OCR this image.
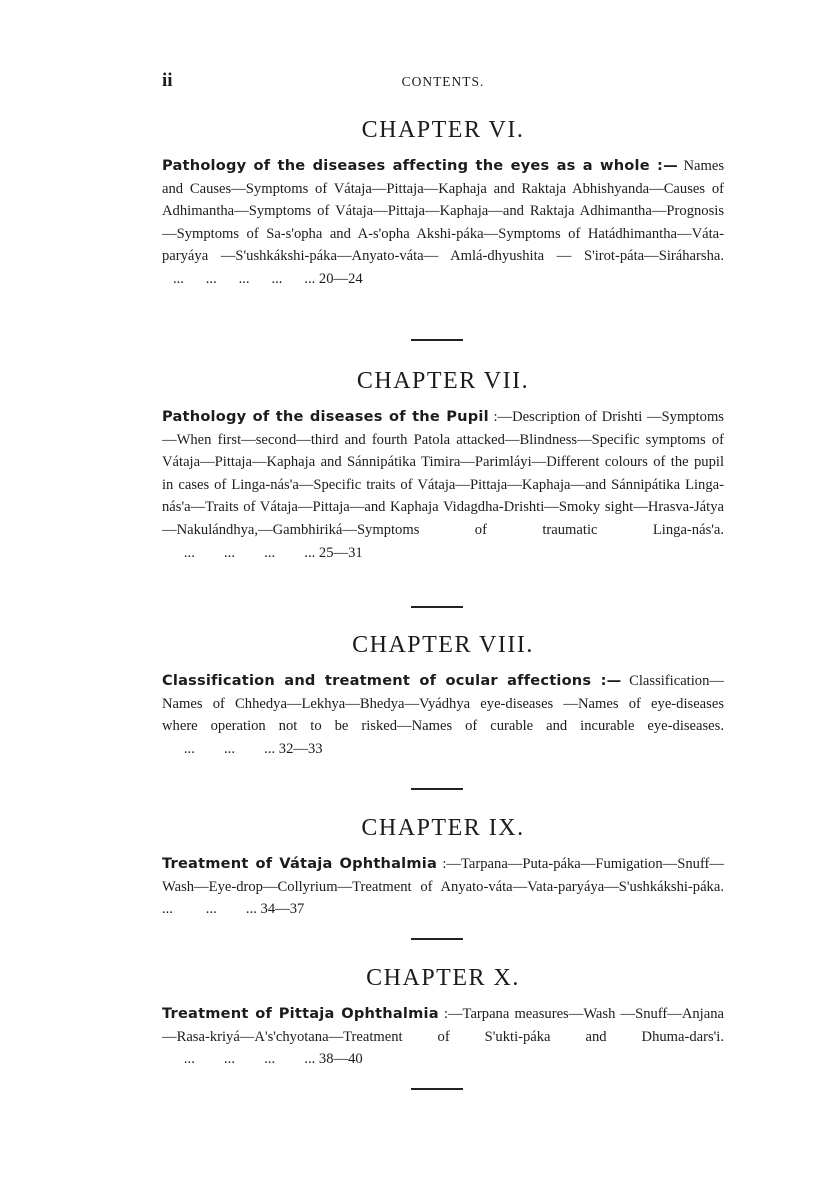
ii	CONTENTS.
CHAPTER VI.
Pathology of the diseases affecting the eyes as a whole :— Names and Causes—Symptoms of Vátaja—Pittaja—Kaphaja and Raktaja Abhishyanda—Causes of Adhimantha—Symptoms of Vátaja—Pittaja—Kaphaja—and Raktaja Adhimantha—Prognosis—Symptoms of Sa-s'opha and A-s'opha Akshi-páka—Symptoms of Hatádhimantha—Váta-paryáya —S'ushkákshi-páka—Anyato-váta— Amlá-dhyushita — S'irot-páta—Siráharsha.    ...      ...      ...      ...      ... 20—24
CHAPTER VII.
Pathology of the diseases of the Pupil :—Description of Drishti —Symptoms—When first—second—third and fourth Patola attacked—Blindness—Specific symptoms of Vátaja—Pittaja—Kaphaja and Sánnipátika Timira—Parimláyi—Different colours of the pupil in cases of Linga-nás'a—Specific traits of Vátaja—Pittaja—Kaphaja—and Sánnipátika Linga-nás'a—Traits of Vátaja—Pittaja—and Kaphaja Vidagdha-Drishti—Smoky sight—Hrasva-Játya—Nakulándhya,—Gambhiriká—Symptoms of traumatic Linga-nás'a.       ...        ...        ...        ... 25—31
CHAPTER VIII.
Classification and treatment of ocular affections :— Classification—Names of Chhedya—Lekhya—Bhedya—Vyádhya eye-diseases —Names of eye-diseases where operation not to be risked—Names of curable and incurable eye-diseases.       ...        ...        ... 32—33
CHAPTER IX.
Treatment of Vátaja Ophthalmia :—Tarpana—Puta-páka—Fumigation—Snuff—Wash—Eye-drop—Collyrium—Treatment of Anyato-váta—Vata-paryáya—S'ushkákshi-páka. ...         ...        ... 34—37
CHAPTER X.
Treatment of Pittaja Ophthalmia :—Tarpana measures—Wash —Snuff—Anjana—Rasa-kriyá—A's'chyotana—Treatment of S'ukti-páka and Dhuma-dars'i.       ...        ...        ...        ... 38—40
